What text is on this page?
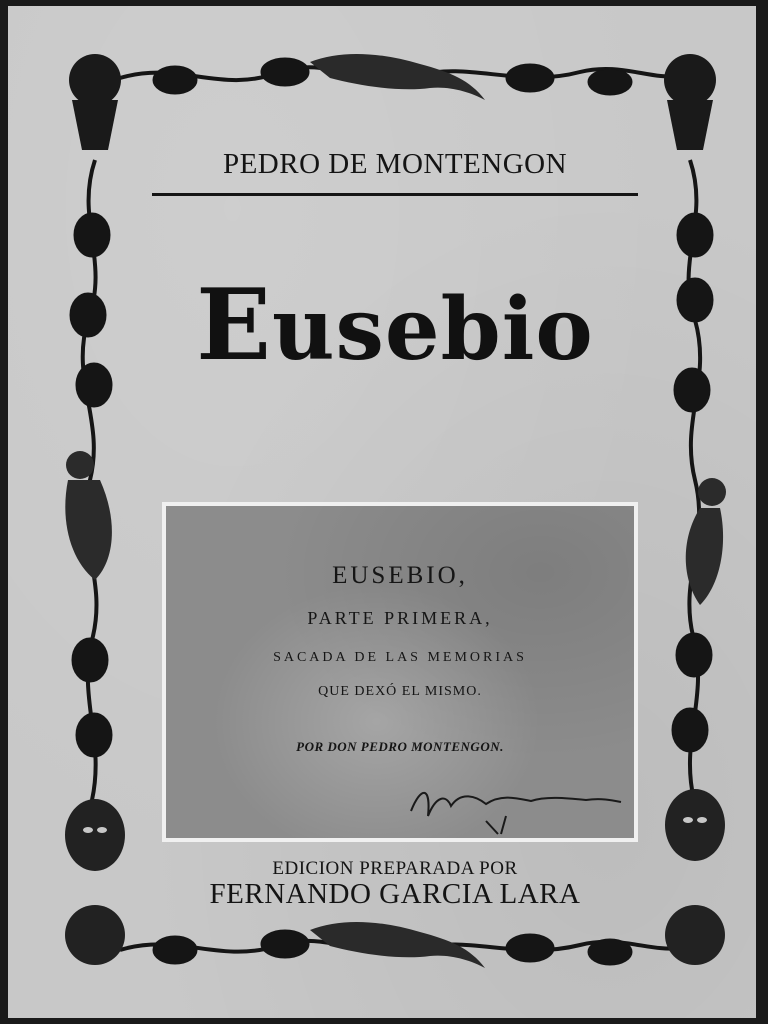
PEDRO DE MONTENGON
Eusebio
EUSEBIO,
PARTE PRIMERA,
SACADA DE LAS MEMORIAS
QUE DEXÓ EL MISMO.
POR DON PEDRO MONTENGON.
EDICION PREPARADA POR
FERNANDO GARCIA LARA
